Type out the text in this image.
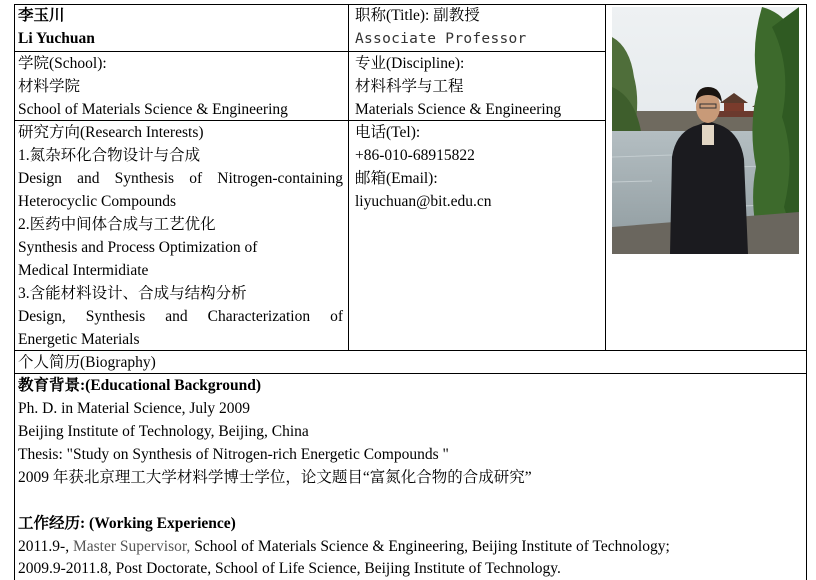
李玉川
Li Yuchuan
职称(Title): 副教授
Associate Professor
学院(School):
材料学院
School of Materials Science & Engineering
专业(Discipline):
材料科学与工程
Materials Science & Engineering
研究方向(Research Interests)
1.氮杂环化合物设计与合成
Design and Synthesis of Nitrogen-containing
Heterocyclic Compounds
2.医药中间体合成与工艺优化
Synthesis and Process Optimization of
Medical Intermidiate
3.含能材料设计、合成与结构分析
Design, Synthesis and Characterization of
Energetic Materials
电话(Tel):
+86-010-68915822
邮箱(Email):
liyuchuan@bit.edu.cn
个人简历(Biography)
教育背景:(Educational Background)
Ph. D. in Material Science, July 2009
Beijing Institute of Technology, Beijing, China
Thesis: "Study on Synthesis of Nitrogen-rich Energetic Compounds "
2009 年获北京理工大学材料学博士学位，论文题目“富氮化合物的合成研究”
工作经历: (Working Experience)
2011.9-, Master Supervisor, School of Materials Science & Engineering, Beijing Institute of Technology;
2009.9-2011.8, Post Doctorate, School of Life Science, Beijing Institute of Technology.
